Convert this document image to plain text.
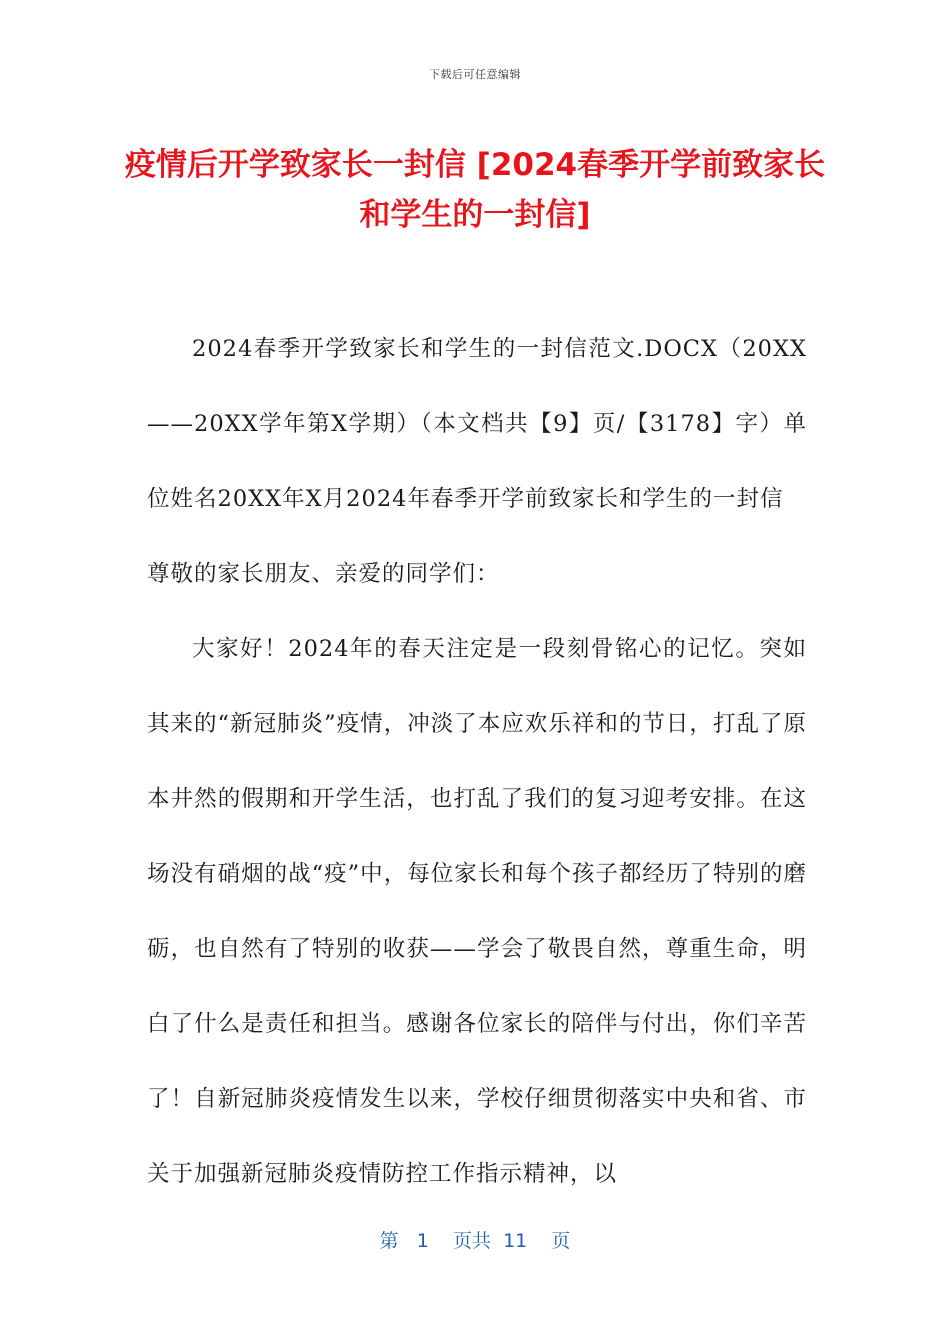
下载后可任意编辑
疫情后开学致家长一封信 [2024春季开学前致家长和学生的一封信]

2024春季开学致家长和学生的一封信范文.DOCX（20XX——20XX学年第X学期）（本文档共【9】页/【3178】字）单位姓名20XX年X月2024年春季开学前致家长和学生的一封信

尊敬的家长朋友、亲爱的同学们：

大家好！2024年的春天注定是一段刻骨铭心的记忆。突如其来的“新冠肺炎”疫情，冲淡了本应欢乐祥和的节日，打乱了原本井然的假期和开学生活，也打乱了我们的复习迎考安排。在这场没有硝烟的战“疫”中，每位家长和每个孩子都经历了特别的磨砺，也自然有了特别的收获——学会了敬畏自然，尊重生命，明白了什么是责任和担当。感谢各位家长的陪伴与付出，你们辛苦了！自新冠肺炎疫情发生以来，学校仔细贯彻落实中央和省、市关于加强新冠肺炎疫情防控工作指示精神，以

第 1 页共 11 页
